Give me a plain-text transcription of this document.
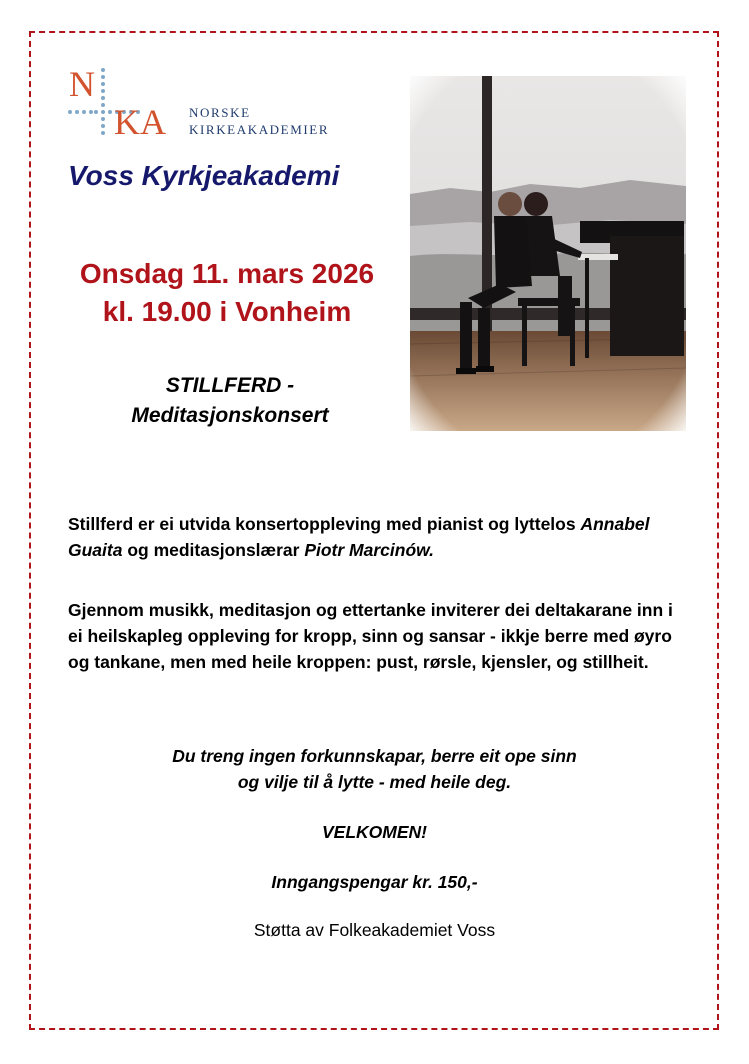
N
KA NORSKE
KIRKEAKADEMIER
Voss Kyrkjeakademi
Onsdag 11. mars 2026
kl. 19.00 i Vonheim
STILLFERD -
Meditasjonskonsert

Stillferd er ei utvida konsertoppleving med pianist og lyttelos Annabel Guaita og meditasjonslærar Piotr Marcinów.

Gjennom musikk, meditasjon og ettertanke inviterer dei deltakarane inn i ei heilskapleg oppleving for kropp, sinn og sansar - ikkje berre med øyro og tankane, men med heile kroppen: pust, rørsle, kjensler, og stillheit.

Du treng ingen forkunnskapar, berre eit ope sinn
og vilje til å lytte - med heile deg.
VELKOMEN!
Inngangspengar kr. 150,-
Støtta av Folkeakademiet Voss
